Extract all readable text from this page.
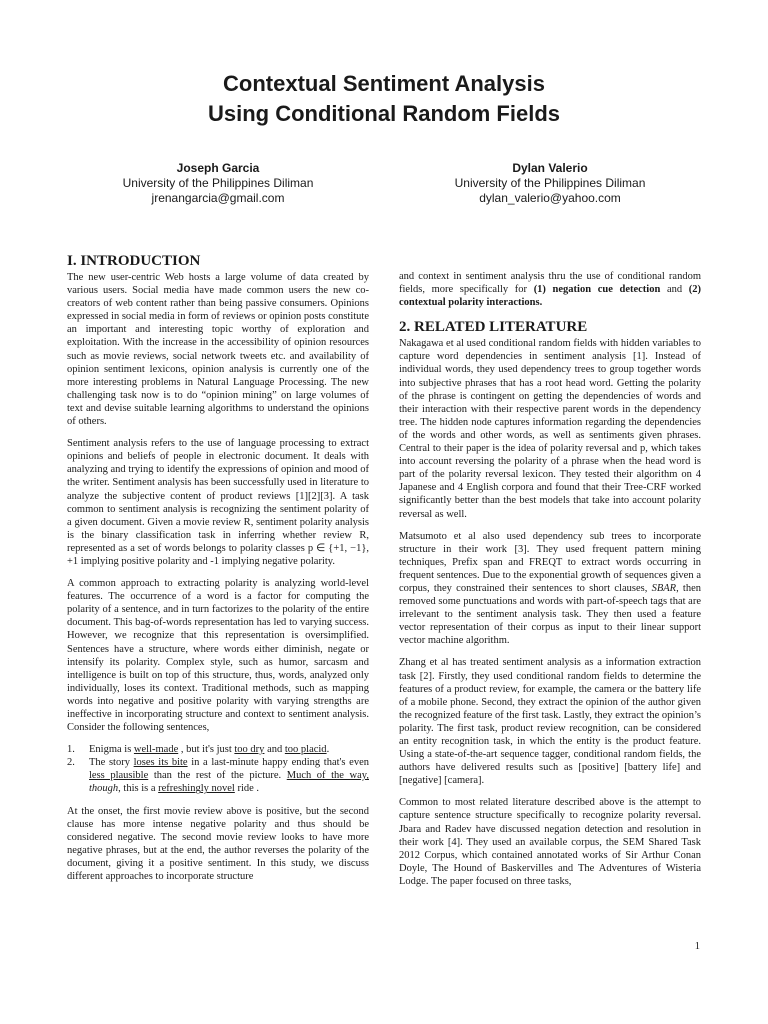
Contextual Sentiment Analysis
Using Conditional Random Fields
Joseph Garcia
University of the Philippines Diliman
jrenangarcia@gmail.com
Dylan Valerio
University of the Philippines Diliman
dylan_valerio@yahoo.com
I. INTRODUCTION

The new user-centric Web hosts a large volume of data created by various users. Social media have made common users the new co-creators of web content rather than being passive consumers. Opinions expressed in social media in form of reviews or opinion posts constitute an important and interesting topic worthy of exploration and exploitation. With the increase in the accessibility of opinion resources such as movie reviews, social network tweets etc. and availability of opinion sentiment lexicons, opinion analysis is currently one of the more interesting problems in Natural Language Processing. The new challenging task now is to do “opinion mining” on large volumes of text and devise suitable learning algorithms to understand the opinions of others.

Sentiment analysis refers to the use of language processing to extract opinions and beliefs of people in electronic document. It deals with analyzing and trying to identify the expressions of opinion and mood of the writer. Sentiment analysis has been successfully used in literature to analyze the subjective content of product reviews [1][2][3]. A task common to sentiment analysis is recognizing the sentiment polarity of a given document. Given a movie review R, sentiment polarity analysis is the binary classification task in inferring whether review R, represented as a set of words belongs to polarity classes p ∈ {+1, −1}, +1 implying positive polarity and -1 implying negative polarity.

A common approach to extracting polarity is analyzing world-level features. The occurrence of a word is a factor for computing the polarity of a sentence, and in turn factorizes to the polarity of the entire document. This bag-of-words representation has led to varying success. However, we recognize that this representation is oversimplified. Sentences have a structure, where words either diminish, negate or intensify its polarity. Complex style, such as humor, sarcasm and intelligence is built on top of this structure, thus, words, analyzed only individually, loses its context. Traditional methods, such as mapping words into negative and positive polarity with varying strengths are ineffective in incorporating structure and context to sentiment analysis. Consider the following sentences,

1.	Enigma is well-made , but it's just too dry and too placid.
2.	The story loses its bite in a last-minute happy ending that's even less plausible than the rest of the picture. Much of the way, though, this is a refreshingly novel ride .

At the onset, the first movie review above is positive, but the second clause has more intense negative polarity and thus should be considered negative. The second movie review looks to have more negative phrases, but at the end, the author reverses the polarity of the document, giving it a positive sentiment. In this study, we discuss different approaches to incorporate structure

and context in sentiment analysis thru the use of conditional random fields, more specifically for (1) negation cue detection and (2) contextual polarity interactions.

2. RELATED LITERATURE

Nakagawa et al used conditional random fields with hidden variables to capture word dependencies in sentiment analysis [1]. Instead of individual words, they used dependency trees to group together words into subjective phrases that has a root head word. Getting the polarity of the phrase is contingent on getting the dependencies of words and their interaction with their respective parent words in the dependency tree. The hidden node captures information regarding the dependencies of the words and other words, as well as sentiments given phrases. Central to their paper is the idea of polarity reversal and p, which takes into account reversing the polarity of a phrase when the head word is part of the polarity reversal lexicon. They tested their algorithm on 4 Japanese and 4 English corpora and found that their Tree-CRF worked significantly better than the best models that take into account polarity reversal as well.

Matsumoto et al also used dependency sub trees to incorporate structure in their work [3]. They used frequent pattern mining techniques, Prefix span and FREQT to extract words occurring in frequent sentences. Due to the exponential growth of sequences given a corpus, they constrained their sentences to short clauses, SBAR, then removed some punctuations and words with part-of-speech tags that are irrelevant to the sentiment analysis task. They then used a feature vector representation of their corpus as input to their linear support vector machine algorithm.

Zhang et al has treated sentiment analysis as a information extraction task [2]. Firstly, they used conditional random fields to determine the features of a product review, for example, the camera or the battery life of a mobile phone. Second, they extract the opinion of the author given the recognized feature of the first task. Lastly, they extract the opinion’s polarity. The first task, product review recognition, can be considered an entity recognition task, in which the entity is the product feature. Using a state-of-the-art sequence tagger, conditional random fields, the authors have delivered results such as [positive] [battery life] and [negative] [camera].

Common to most related literature described above is the attempt to capture sentence structure specifically to recognize polarity reversal. Jbara and Radev have discussed negation detection and resolution in their work [4]. They used an available corpus, the SEM Shared Task 2012 Corpus, which contained annotated works of Sir Arthur Conan Doyle, The Hound of Baskervilles and The Adventures of Wisteria Lodge. The paper focused on three tasks,

1
